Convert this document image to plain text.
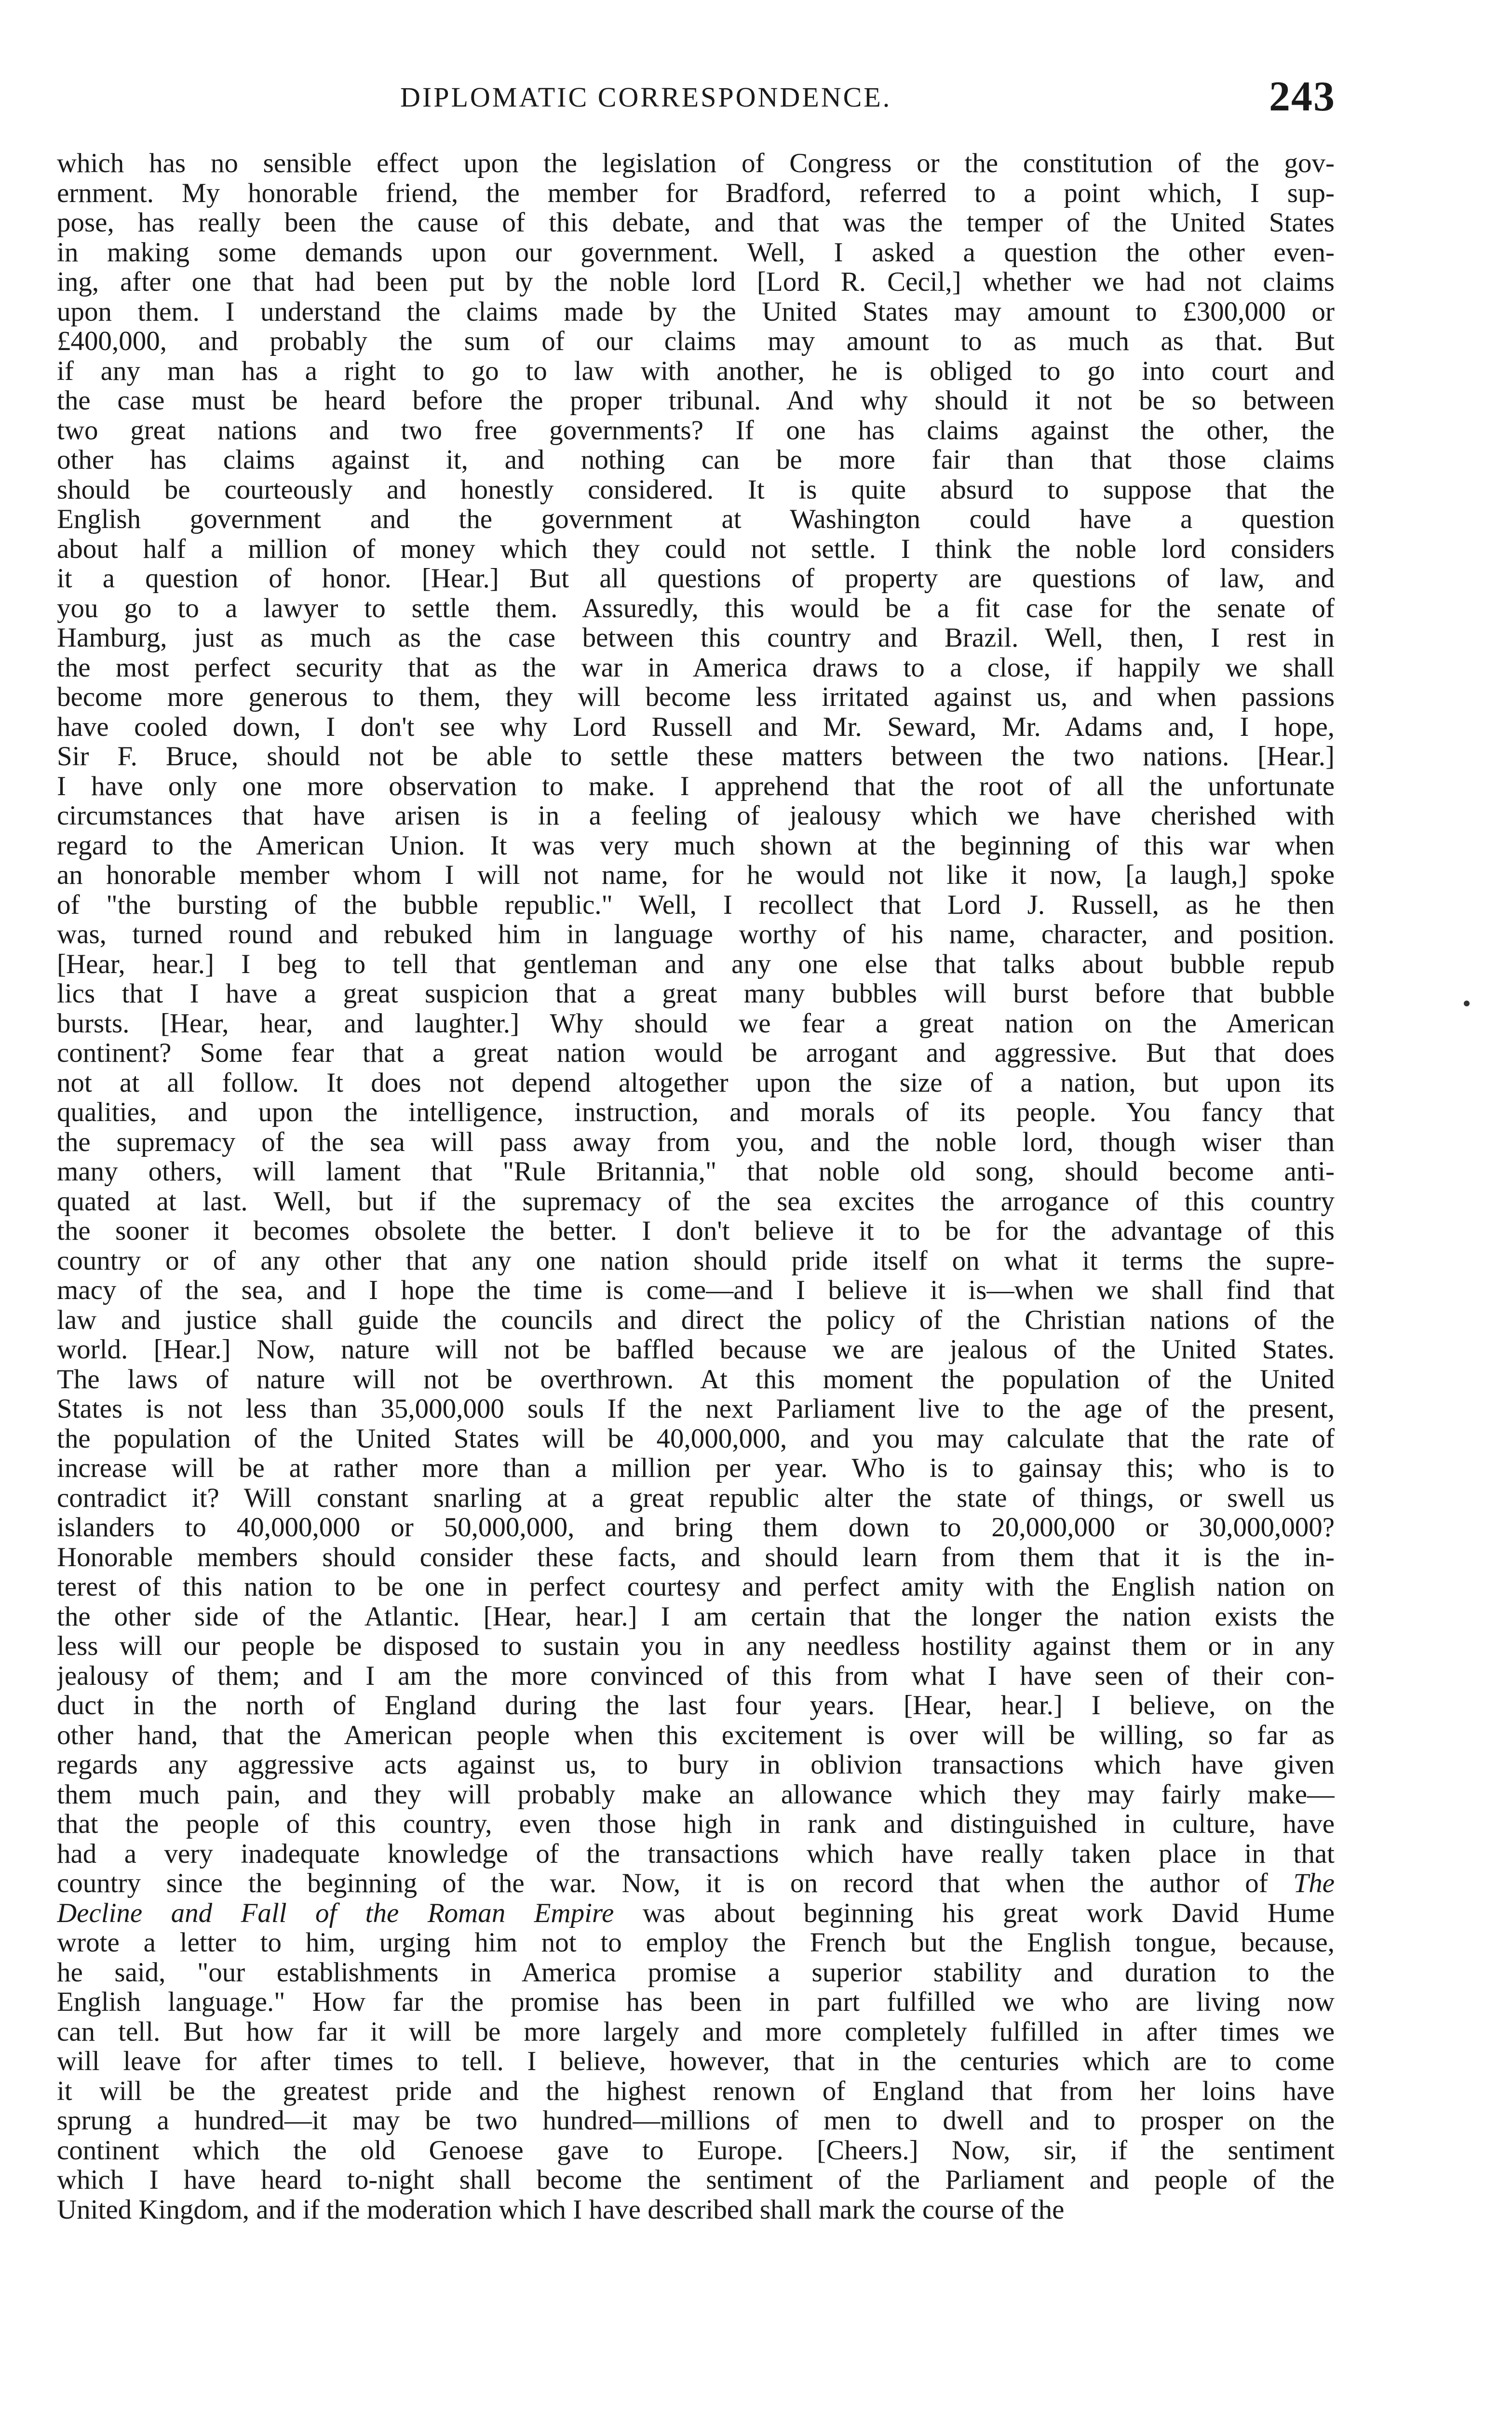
DIPLOMATIC CORRESPONDENCE.	243
which has no sensible effect upon the legislation of Congress or the constitution of the gov-
ernment. My honorable friend, the member for Bradford, referred to a point which, I sup-
pose, has really been the cause of this debate, and that was the temper of the United States
in making some demands upon our government. Well, I asked a question the other even-
ing, after one that had been put by the noble lord [Lord R. Cecil,] whether we had not claims
upon them. I understand the claims made by the United States may amount to £300,000 or
£400,000, and probably the sum of our claims may amount to as much as that. But
if any man has a right to go to law with another, he is obliged to go into court and
the case must be heard before the proper tribunal. And why should it not be so between
two great nations and two free governments? If one has claims against the other, the
other has claims against it, and nothing can be more fair than that those claims
should be courteously and honestly considered. It is quite absurd to suppose that the
English government and the government at Washington could have a question
about half a million of money which they could not settle. I think the noble lord considers
it a question of honor. [Hear.] But all questions of property are questions of law, and
you go to a lawyer to settle them. Assuredly, this would be a fit case for the senate of
Hamburg, just as much as the case between this country and Brazil. Well, then, I rest in
the most perfect security that as the war in America draws to a close, if happily we shall
become more generous to them, they will become less irritated against us, and when passions
have cooled down, I don't see why Lord Russell and Mr. Seward, Mr. Adams and, I hope,
Sir F. Bruce, should not be able to settle these matters between the two nations. [Hear.]
I have only one more observation to make. I apprehend that the root of all the unfortunate
circumstances that have arisen is in a feeling of jealousy which we have cherished with
regard to the American Union. It was very much shown at the beginning of this war when
an honorable member whom I will not name, for he would not like it now, [a laugh,] spoke
of "the bursting of the bubble republic." Well, I recollect that Lord J. Russell, as he then
was, turned round and rebuked him in language worthy of his name, character, and position.
[Hear, hear.] I beg to tell that gentleman and any one else that talks about bubble repub
lics that I have a great suspicion that a great many bubbles will burst before that bubble
bursts. [Hear, hear, and laughter.] Why should we fear a great nation on the American
continent? Some fear that a great nation would be arrogant and aggressive. But that does
not at all follow. It does not depend altogether upon the size of a nation, but upon its
qualities, and upon the intelligence, instruction, and morals of its people. You fancy that
the supremacy of the sea will pass away from you, and the noble lord, though wiser than
many others, will lament that "Rule Britannia," that noble old song, should become anti-
quated at last. Well, but if the supremacy of the sea excites the arrogance of this country
the sooner it becomes obsolete the better. I don't believe it to be for the advantage of this
country or of any other that any one nation should pride itself on what it terms the supre-
macy of the sea, and I hope the time is come—and I believe it is—when we shall find that
law and justice shall guide the councils and direct the policy of the Christian nations of the
world. [Hear.] Now, nature will not be baffled because we are jealous of the United States.
The laws of nature will not be overthrown. At this moment the population of the United
States is not less than 35,000,000 souls If the next Parliament live to the age of the present,
the population of the United States will be 40,000,000, and you may calculate that the rate of
increase will be at rather more than a million per year. Who is to gainsay this; who is to
contradict it? Will constant snarling at a great republic alter the state of things, or swell us
islanders to 40,000,000 or 50,000,000, and bring them down to 20,000,000 or 30,000,000?
Honorable members should consider these facts, and should learn from them that it is the in-
terest of this nation to be one in perfect courtesy and perfect amity with the English nation on
the other side of the Atlantic. [Hear, hear.] I am certain that the longer the nation exists the
less will our people be disposed to sustain you in any needless hostility against them or in any
jealousy of them; and I am the more convinced of this from what I have seen of their con-
duct in the north of England during the last four years. [Hear, hear.] I believe, on the
other hand, that the American people when this excitement is over will be willing, so far as
regards any aggressive acts against us, to bury in oblivion transactions which have given
them much pain, and they will probably make an allowance which they may fairly make—
that the people of this country, even those high in rank and distinguished in culture, have
had a very inadequate knowledge of the transactions which have really taken place in that
country since the beginning of the war. Now, it is on record that when the author of The
Decline and Fall of the Roman Empire was about beginning his great work David Hume
wrote a letter to him, urging him not to employ the French but the English tongue, because,
he said, "our establishments in America promise a superior stability and duration to the
English language." How far the promise has been in part fulfilled we who are living now
can tell. But how far it will be more largely and more completely fulfilled in after times we
will leave for after times to tell. I believe, however, that in the centuries which are to come
it will be the greatest pride and the highest renown of England that from her loins have
sprung a hundred—it may be two hundred—millions of men to dwell and to prosper on the
continent which the old Genoese gave to Europe. [Cheers.] Now, sir, if the sentiment
which I have heard to-night shall become the sentiment of the Parliament and people of the
United Kingdom, and if the moderation which I have described shall mark the course of the
